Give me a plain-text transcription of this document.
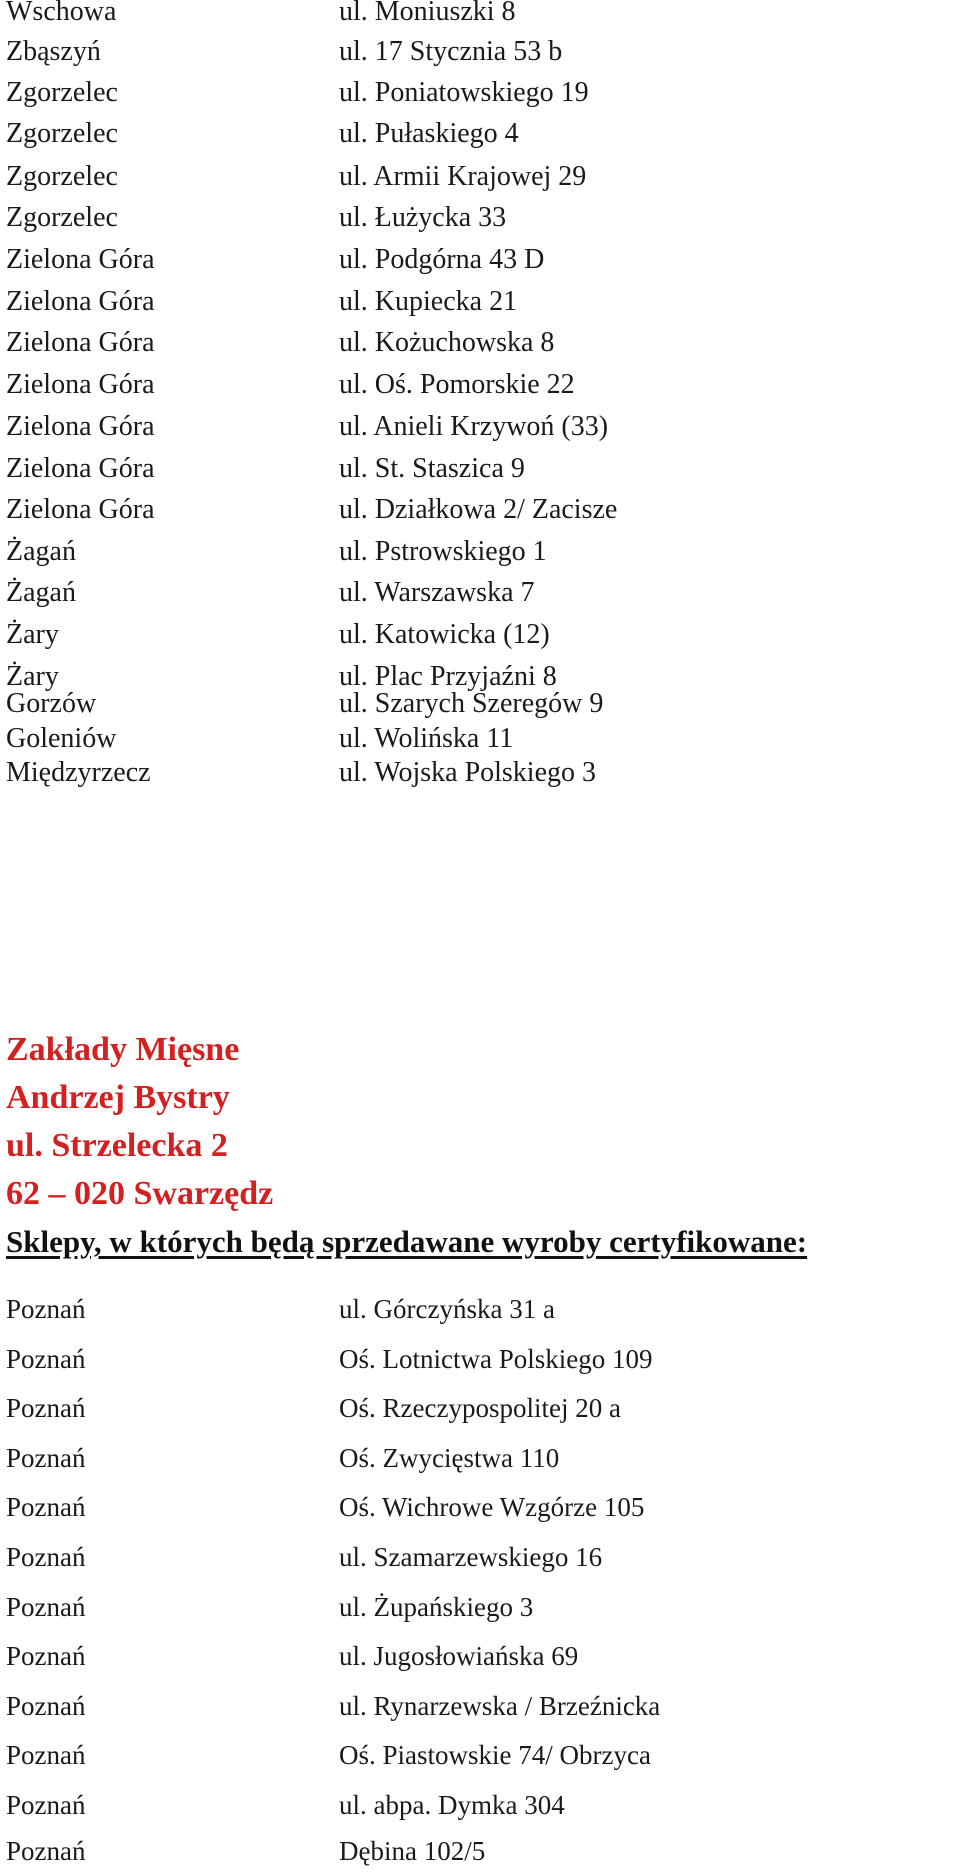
Wschowa	ul. Moniuszki 8
Zbąszyń	ul. 17 Stycznia 53 b
Zgorzelec	ul. Poniatowskiego 19
Zgorzelec	ul. Pułaskiego 4
Zgorzelec	ul. Armii Krajowej 29
Zgorzelec	ul. Łużycka 33
Zielona Góra	ul. Podgórna 43 D
Zielona Góra	ul. Kupiecka 21
Zielona Góra	ul. Kożuchowska 8
Zielona Góra	ul. Oś. Pomorskie 22
Zielona Góra	ul. Anieli Krzywoń (33)
Zielona Góra	ul. St. Staszica 9
Zielona Góra	ul. Działkowa 2/ Zacisze
Żagań	ul. Pstrowskiego 1
Żagań	ul. Warszawska 7
Żary	ul. Katowicka (12)
Żary	ul. Plac Przyjaźni 8
Gorzów	ul. Szarych Szeregów 9
Goleniów	ul. Wolińska 11
Międzyrzecz	ul. Wojska Polskiego 3
Zakłady Mięsne
Andrzej Bystry
ul. Strzelecka 2
62 – 020 Swarzędz
Sklepy, w których będą sprzedawane wyroby certyfikowane:
Poznań	ul. Górczyńska 31 a
Poznań	Oś. Lotnictwa Polskiego 109
Poznań	Oś. Rzeczypospolitej 20 a
Poznań	Oś. Zwycięstwa 110
Poznań	Oś. Wichrowe Wzgórze 105
Poznań	ul. Szamarzewskiego 16
Poznań	ul. Żupańskiego 3
Poznań	ul. Jugosłowiańska 69
Poznań	ul. Rynarzewska / Brzeźnicka
Poznań	Oś. Piastowskie 74/ Obrzyca
Poznań	ul. abpa. Dymka 304
Poznań	Dębina 102/5
